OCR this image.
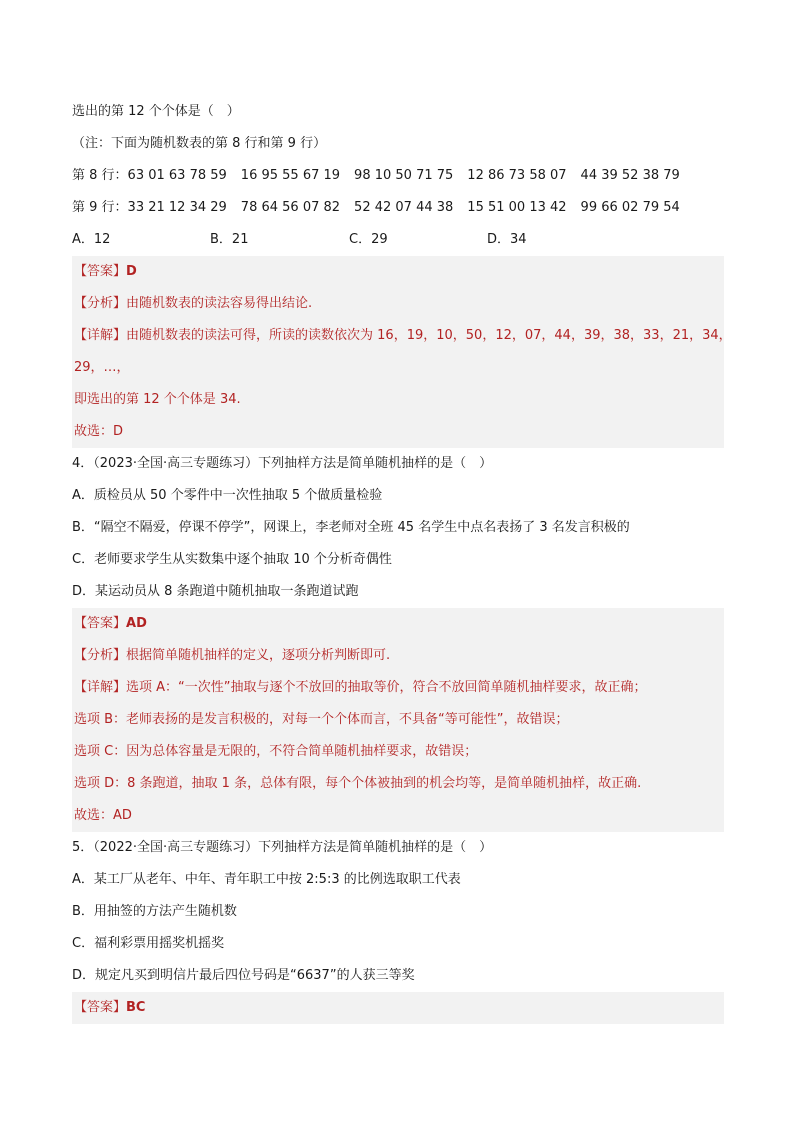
选出的第 12 个个体是（　）
（注：下面为随机数表的第 8 行和第 9 行）
第 8 行：63 01 63 78 59 16 95 55 67 19 98 10 50 71 75 12 86 73 58 07 44 39 52 38 79
第 9 行：33 21 12 34 29 78 64 56 07 82 52 42 07 44 38 15 51 00 13 42 99 66 02 79 54
A．12	B．21	C．29	D．34
【答案】D
【分析】由随机数表的读法容易得出结论.
【详解】由随机数表的读法可得，所读的读数依次为 16，19，10，50，12，07，44，39，38，33，21，34，
29，…，
即选出的第 12 个个体是 34.
故选：D
4．（2023·全国·高三专题练习）下列抽样方法是简单随机抽样的是（　）
A．质检员从 50 个零件中一次性抽取 5 个做质量检验
B．“隔空不隔爱，停课不停学”，网课上，李老师对全班 45 名学生中点名表扬了 3 名发言积极的
C．老师要求学生从实数集中逐个抽取 10 个分析奇偶性
D．某运动员从 8 条跑道中随机抽取一条跑道试跑
【答案】AD
【分析】根据简单随机抽样的定义，逐项分析判断即可.
【详解】选项 A：“一次性”抽取与逐个不放回的抽取等价，符合不放回简单随机抽样要求，故正确；
选项 B：老师表扬的是发言积极的，对每一个个体而言，不具备“等可能性”，故错误；
选项 C：因为总体容量是无限的，不符合简单随机抽样要求，故错误；
选项 D：8 条跑道，抽取 1 条，总体有限，每个个体被抽到的机会均等，是简单随机抽样，故正确.
故选：AD
5．（2022·全国·高三专题练习）下列抽样方法是简单随机抽样的是（　）
A．某工厂从老年、中年、青年职工中按 2:5:3 的比例选取职工代表
B．用抽签的方法产生随机数
C．福利彩票用摇奖机摇奖
D．规定凡买到明信片最后四位号码是“6637”的人获三等奖
【答案】BC
